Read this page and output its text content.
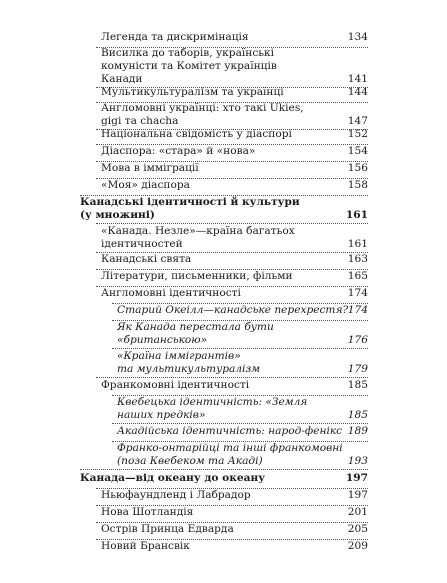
Легенда та дискримінація	134
Висилка до таборів, українські
комуністи та Комітет українців
Канади	141
Мультикультуралізм та українці	144
Англомовні українці: хто такі Ukies,
gigi та chacha	147
Національна свідомість у діаспорі	152
Діаспора: «стара» й «нова»	154
Мова в імміграції	156
«Моя» діаспора	158
Канадські ідентичності й культури
(у множині)	161
«Канада. Незле»—країна багатьох
ідентичностей	161
Канадські свята	163
Літератури, письменники, фільми	165
Англомовні ідентичності	174
Старий Океілл—канадське перехрестя? 174
Як Канада перестала бути
«британською»	176
«Країна іммігрантів»
та мультикультуралізм	179
Франкомовні ідентичності	185
Квебецька ідентичність: «Земля
наших предків»	185
Акадійська ідентичність: народ-фенікс 189
Франко-онтарійці та інші франкомовні
(поза Квебеком та Акаді)	193
Канада—від океану до океану	197
Ньюфаундленд і Лабрадор	197
Нова Шотландія	201
Острів Принца Едварда	205
Новий Брансвік	209
